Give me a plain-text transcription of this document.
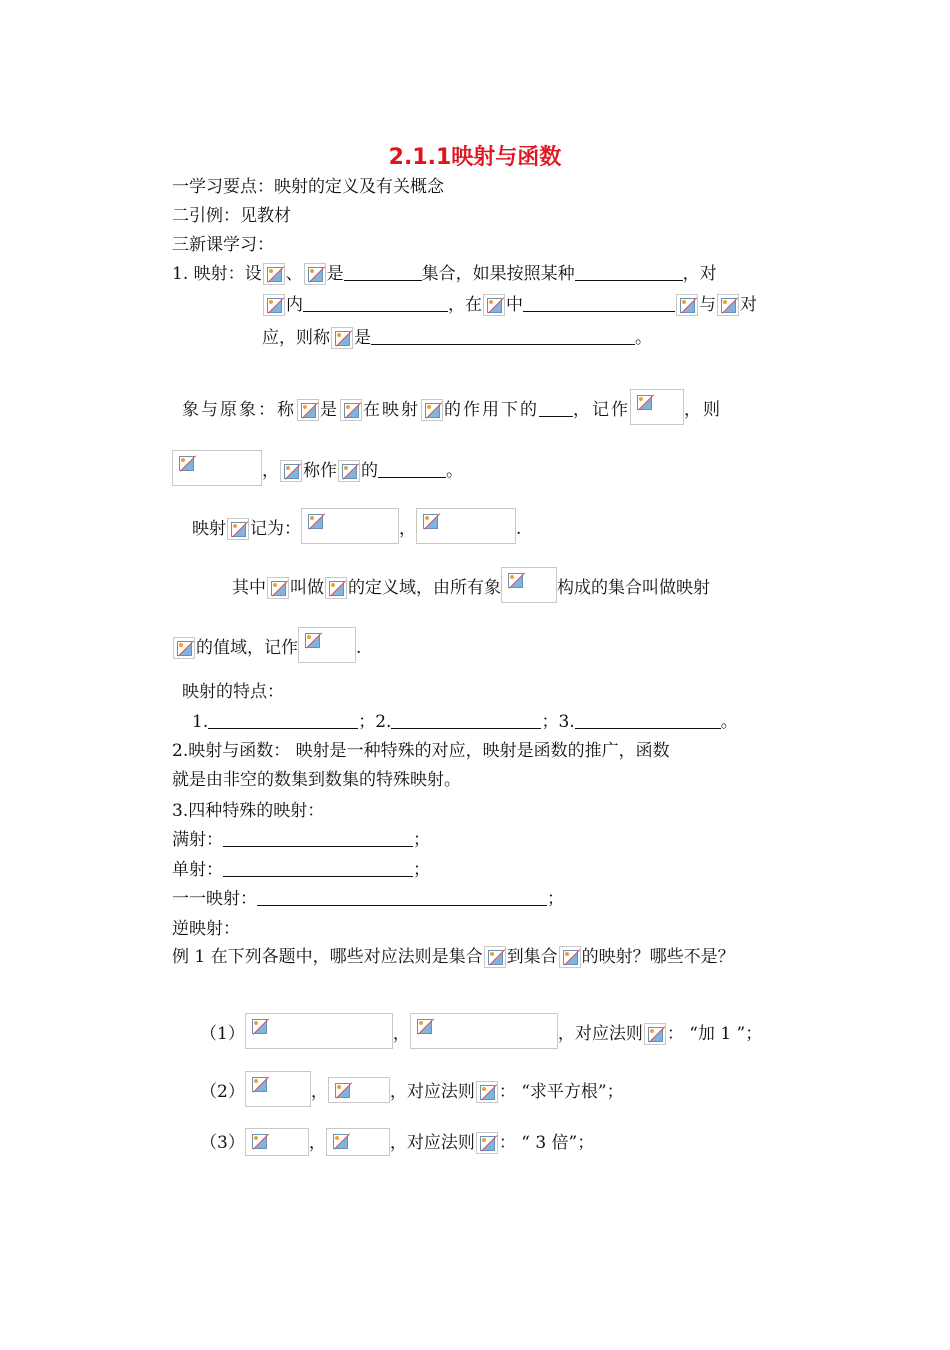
2.1.1映射与函数
一学习要点：映射的定义及有关概念
二引例：见教材
三新课学习：
1. 映射：设 、 是	集合，如果按照某种	，对
内	，在 中	与 对
应，则称 是	。
象与原象：称 是 在映射 的作用下的 ，记作	，则
， 称作 的	。
映射 记为：	，	.
其中 叫做 的定义域，由所有象	构成的集合叫做映射
的值域，记作	.
映射的特点：
1.	；2.	；3.	。
2.映射与函数： 映射是一种特殊的对应，映射是函数的推广，函数
就是由非空的数集到数集的特殊映射。
3.四种特殊的映射：
满射：	；
单射：	；
一一映射：	；
逆映射：
例 1 在下列各题中，哪些对应法则是集合 到集合 的映射？哪些不是？
（1）	，	，对应法则 ： “加 1 ”；
（2）	，	，对应法则 ： “求平方根”；
（3）	，	，对应法则 ： “ 3 倍”；
